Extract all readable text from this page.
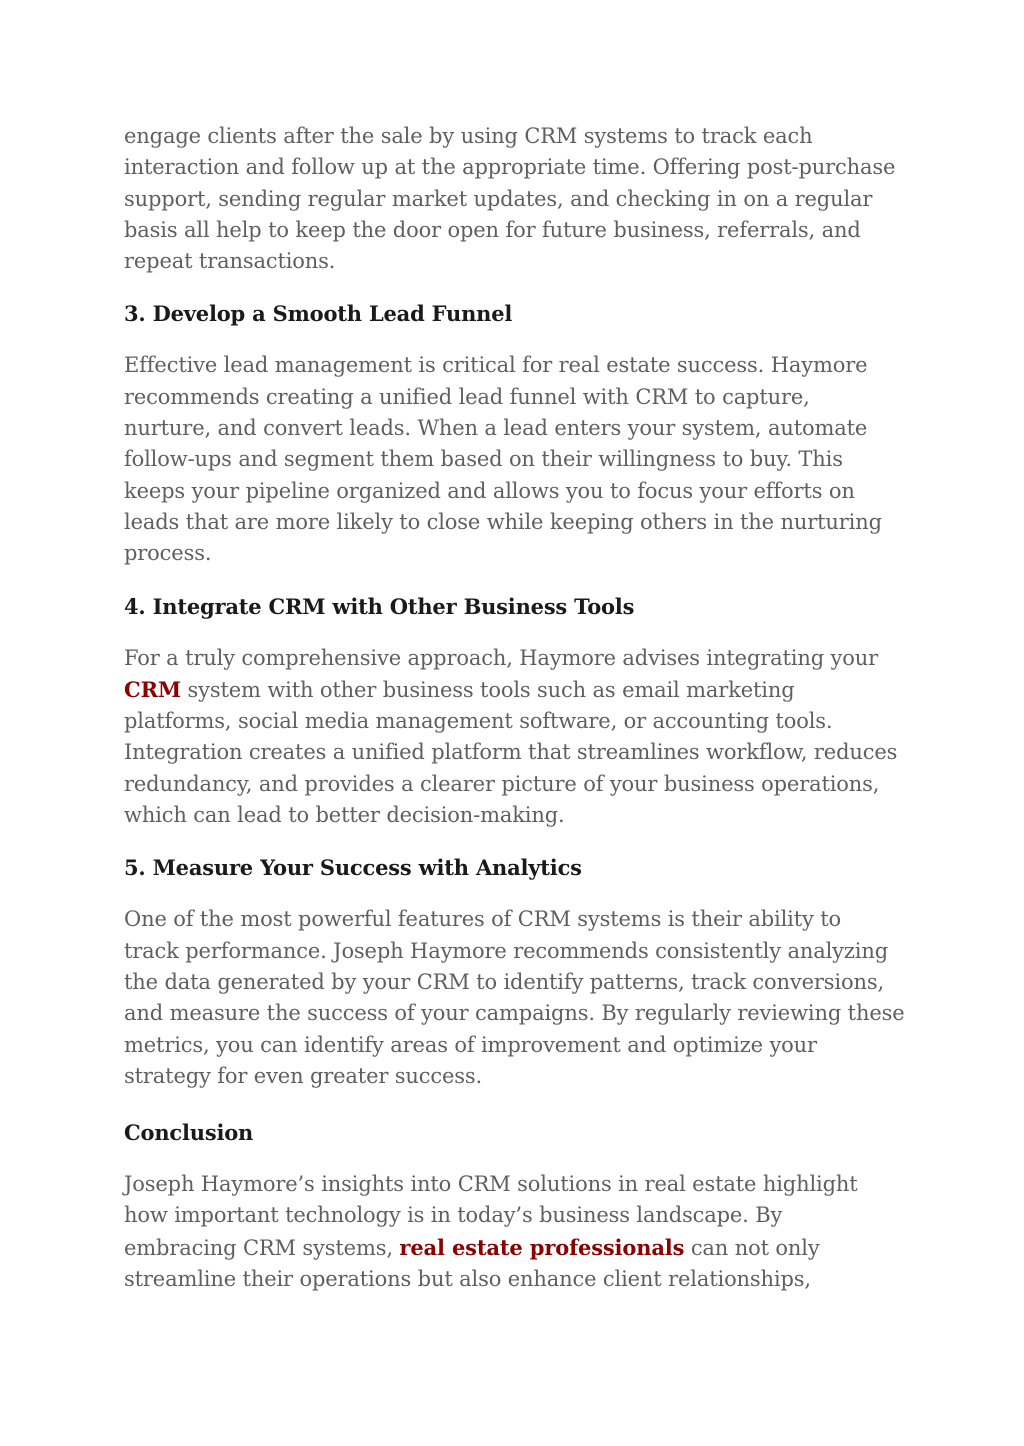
engage clients after the sale by using CRM systems to track each
interaction and follow up at the appropriate time. Offering post-purchase
support, sending regular market updates, and checking in on a regular
basis all help to keep the door open for future business, referrals, and
repeat transactions.

3. Develop a Smooth Lead Funnel

Effective lead management is critical for real estate success. Haymore
recommends creating a unified lead funnel with CRM to capture,
nurture, and convert leads. When a lead enters your system, automate
follow-ups and segment them based on their willingness to buy. This
keeps your pipeline organized and allows you to focus your efforts on
leads that are more likely to close while keeping others in the nurturing
process.

4. Integrate CRM with Other Business Tools

For a truly comprehensive approach, Haymore advises integrating your
CRM system with other business tools such as email marketing
platforms, social media management software, or accounting tools.
Integration creates a unified platform that streamlines workflow, reduces
redundancy, and provides a clearer picture of your business operations,
which can lead to better decision-making.

5. Measure Your Success with Analytics

One of the most powerful features of CRM systems is their ability to
track performance. Joseph Haymore recommends consistently analyzing
the data generated by your CRM to identify patterns, track conversions,
and measure the success of your campaigns. By regularly reviewing these
metrics, you can identify areas of improvement and optimize your
strategy for even greater success.

Conclusion

Joseph Haymore’s insights into CRM solutions in real estate highlight
how important technology is in today’s business landscape. By
embracing CRM systems, real estate professionals can not only
streamline their operations but also enhance client relationships,
